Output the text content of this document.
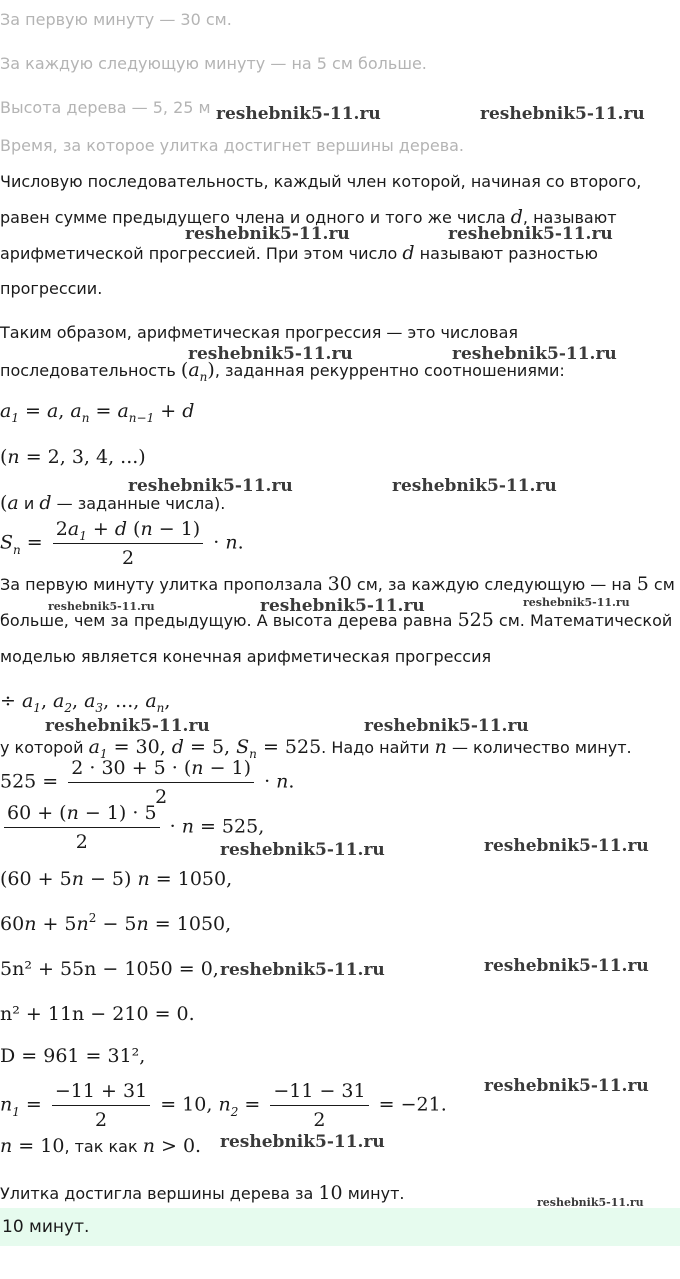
За первую минуту — 30 см.
За каждую следующую минуту — на 5 см больше.
Высота дерева — 5, 25 м
Время, за которое улитка достигнет вершины дерева.
Числовую последовательность, каждый член которой, начиная со второго,
равен сумме предыдущего члена и одного и того же числа d, называют
арифметической прогрессией. При этом число d называют разностью
прогрессии.
Таким образом, арифметическая прогрессия — это числовая
последовательность $(a_n)$, заданная рекуррентно соотношениями:
$a_1 = a$, $a_n = a_{n-1} + d$
(n = 2, 3, 4, ...)
(a и d — заданные числа).
$S_n = \frac{2a_1 + d (n - 1)}{2} \cdot n$.
За первую минуту улитка проползала 30 см, за каждую следующую — на 5 см
больше, чем за предыдущую. А высота дерева равна 525 см. Математической
моделью является конечная арифметическая прогрессия
÷ $a_1$, $a_2$, $a_3$, ..., $a_n$,
у которой $a_1 = 30$, d = 5, $S_n = 525$. Надо найти n — количество минут.
$525 = \frac{2 \cdot 30 + 5 \cdot (n - 1)}{2} \cdot n$.
$\frac{60 + (n - 1) \cdot 5}{2} \cdot n = 525$,
(60 + 5n − 5) n = 1050,
$60n + 5n^2 - 5n = 1050$,
5n² + 55n − 1050 = 0,
n² + 11n − 210 = 0.
D = 961 = 31²,
$n_1 = \frac{-11 + 31}{2} = 10$, $n_2 = \frac{-11 - 31}{2} = -21$.
n = 10, так как n > 0.
Улитка достигла вершины дерева за 10 минут.
10 минут.
reshebnik5-11.ru	reshebnik5-11.ru
reshebnik5-11.ru	reshebnik5-11.ru
reshebnik5-11.ru	reshebnik5-11.ru
reshebnik5-11.ru	reshebnik5-11.ru
reshebnik5-11.ru	reshebnik5-11.ru	reshebnik5-11.ru
reshebnik5-11.ru	reshebnik5-11.ru
reshebnik5-11.ru	reshebnik5-11.ru
reshebnik5-11.ru	reshebnik5-11.ru
reshebnik5-11.ru
reshebnik5-11.ru
reshebnik5-11.ru
